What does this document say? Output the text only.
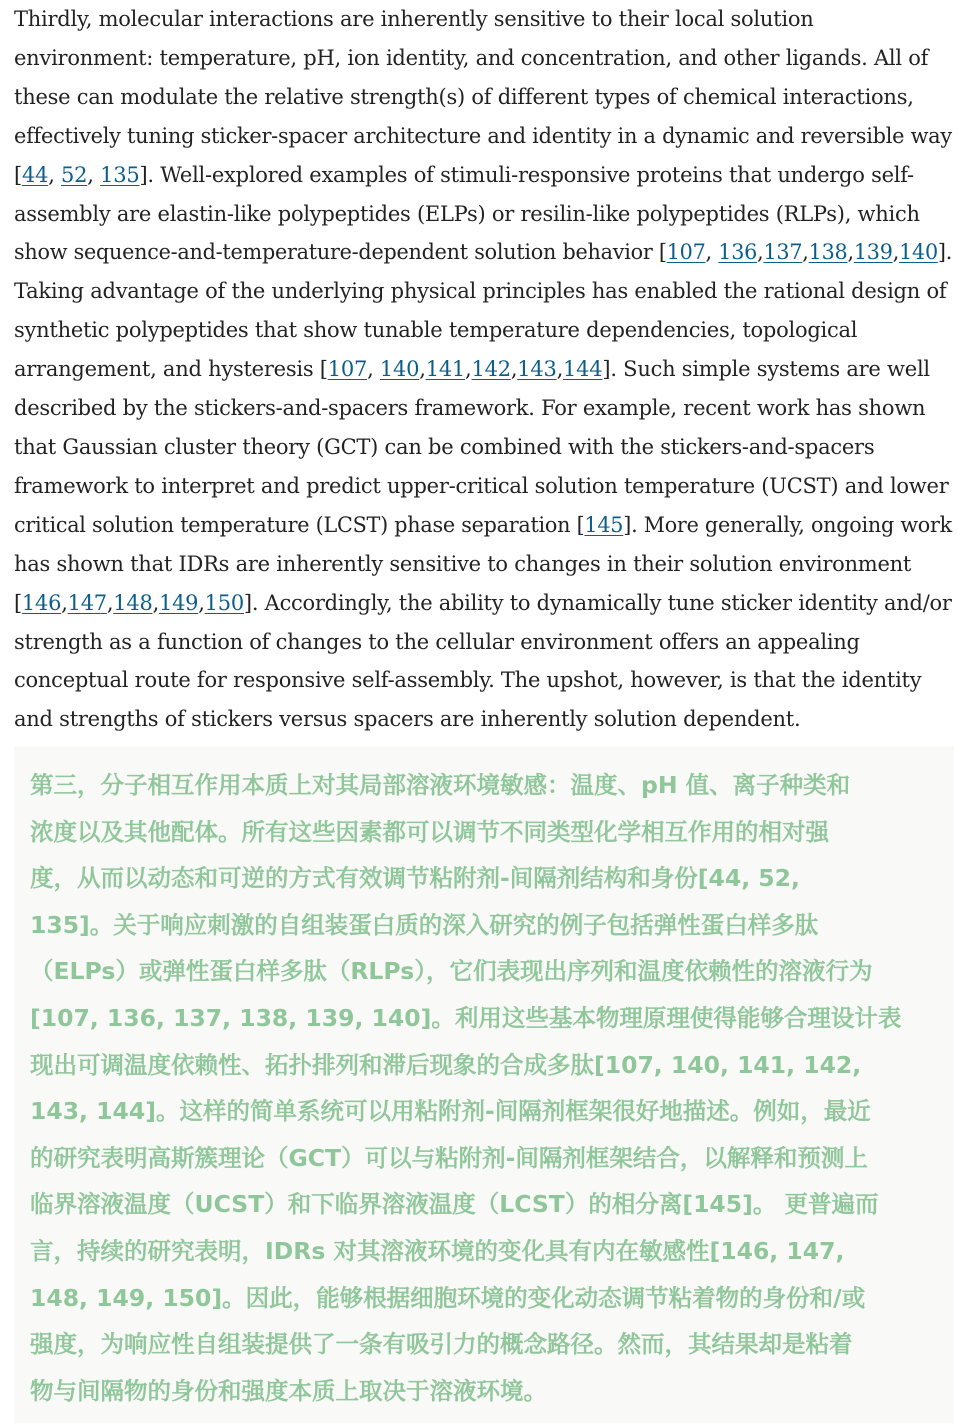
Thirdly, molecular interactions are inherently sensitive to their local solution
environment: temperature, pH, ion identity, and concentration, and other ligands. All of
these can modulate the relative strength(s) of different types of chemical interactions,
effectively tuning sticker-spacer architecture and identity in a dynamic and reversible way
[44, 52, 135]. Well-explored examples of stimuli-responsive proteins that undergo self-
assembly are elastin-like polypeptides (ELPs) or resilin-like polypeptides (RLPs), which
show sequence-and-temperature-dependent solution behavior [107, 136,137,138,139,140].
Taking advantage of the underlying physical principles has enabled the rational design of
synthetic polypeptides that show tunable temperature dependencies, topological
arrangement, and hysteresis [107, 140,141,142,143,144]. Such simple systems are well
described by the stickers-and-spacers framework. For example, recent work has shown
that Gaussian cluster theory (GCT) can be combined with the stickers-and-spacers
framework to interpret and predict upper-critical solution temperature (UCST) and lower
critical solution temperature (LCST) phase separation [145]. More generally, ongoing work
has shown that IDRs are inherently sensitive to changes in their solution environment
[146,147,148,149,150]. Accordingly, the ability to dynamically tune sticker identity and/or
strength as a function of changes to the cellular environment offers an appealing
conceptual route for responsive self-assembly. The upshot, however, is that the identity
and strengths of stickers versus spacers are inherently solution dependent.

第三，分子相互作用本质上对其局部溶液环境敏感：温度、pH 值、离子种类和
浓度以及其他配体。所有这些因素都可以调节不同类型化学相互作用的相对强
度，从而以动态和可逆的方式有效调节粘附剂-间隔剂结构和身份[44, 52,
135]。关于响应刺激的自组装蛋白质的深入研究的例子包括弹性蛋白样多肽
（ELPs）或弹性蛋白样多肽（RLPs），它们表现出序列和温度依赖性的溶液行为
[107, 136, 137, 138, 139, 140]。利用这些基本物理原理使得能够合理设计表
现出可调温度依赖性、拓扑排列和滞后现象的合成多肽[107, 140, 141, 142,
143, 144]。这样的简单系统可以用粘附剂-间隔剂框架很好地描述。例如，最近
的研究表明高斯簇理论（GCT）可以与粘附剂-间隔剂框架结合，以解释和预测上
临界溶液温度（UCST）和下临界溶液温度（LCST）的相分离[145]。 更普遍而
言，持续的研究表明，IDRs 对其溶液环境的变化具有内在敏感性[146, 147,
148, 149, 150]。因此，能够根据细胞环境的变化动态调节粘着物的身份和/或
强度，为响应性自组装提供了一条有吸引力的概念路径。然而，其结果却是粘着
物与间隔物的身份和强度本质上取决于溶液环境。
